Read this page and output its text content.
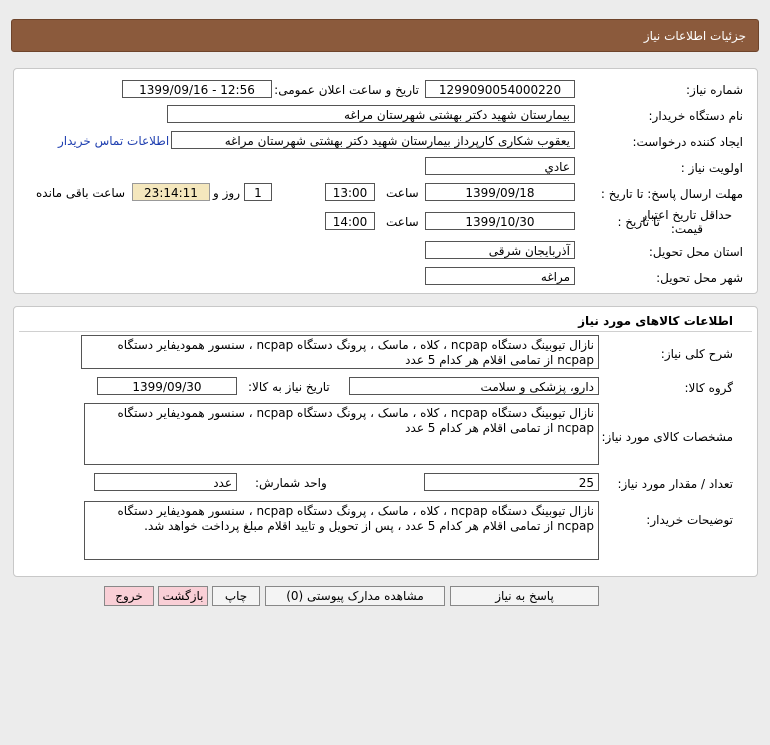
جزئیات اطلاعات نیاز
شماره نیاز:
1299090054000220
تاریخ و ساعت اعلان عمومی:
1399/09/16 - 12:56
نام دستگاه خریدار:
بیمارستان شهید دکتر بهشتی شهرستان مراغه
ایجاد کننده درخواست:
یعقوب شکاری کارپرداز بیمارستان شهید دکتر بهشتی شهرستان مراغه
اطلاعات تماس خریدار
اولویت نیاز :
عادي
مهلت ارسال پاسخ: تا تاریخ :
1399/09/18
ساعت
13:00
1
روز و
23:14:11
ساعت باقی مانده
حداقل تاریخ اعتبار
قیمت:
تا تاریخ :
1399/10/30
ساعت
14:00
استان محل تحویل:
آذربایجان شرقی
شهر محل تحویل:
مراغه
اطلاعات کالاهای مورد نیاز
شرح کلی نیاز:
نازال تیوبینگ دستگاه ncpap ، کلاه ، ماسک ، پرونگ دستگاه ncpap ، سنسور همودیفایر دستگاه
ncpap از تمامی اقلام هر کدام 5 عدد
گروه کالا:
دارو، پزشکی و سلامت
تاریخ نیاز به کالا:
1399/09/30
مشخصات کالای مورد نیاز:
نازال تیوبینگ دستگاه ncpap ، کلاه ، ماسک ، پرونگ دستگاه ncpap ، سنسور همودیفایر دستگاه
ncpap از تمامی اقلام هر کدام 5 عدد
تعداد / مقدار مورد نیاز:
25
واحد شمارش:
عدد
توضیحات خریدار:
نازال تیوبینگ دستگاه ncpap ، کلاه ، ماسک ، پرونگ دستگاه ncpap ، سنسور همودیفایر دستگاه
ncpap از تمامی اقلام هر کدام 5 عدد ، پس از تحویل و تایید اقلام مبلغ پرداخت خواهد شد.
پاسخ به نیاز
مشاهده مدارک پیوستی (0)
چاپ
بازگشت
خروج
